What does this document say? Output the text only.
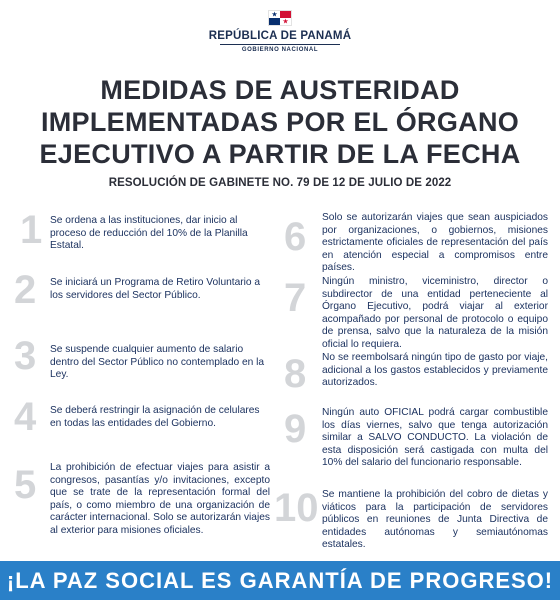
★
★
REPÚBLICA DE PANAMÁ
GOBIERNO NACIONAL
MEDIDAS DE AUSTERIDAD
IMPLEMENTADAS POR EL ÓRGANO
EJECUTIVO A PARTIR DE LA FECHA
RESOLUCIÓN DE GABINETE NO. 79 DE 12 DE JULIO DE 2022
1 Se ordena a las instituciones, dar inicio al proceso de reducción del 10% de la Planilla Estatal.
2	Se iniciará un Programa de Retiro Voluntario a los servidores del Sector Público.
3	Se suspende cualquier aumento de salario dentro del Sector Público no contemplado en la Ley.
4	Se deberá restringir la asignación de celulares en todas las entidades del Gobierno.
5	La prohibición de efectuar viajes para asistir a congresos, pasantías y/o invitaciones, excepto que se trate de la representación formal del país, o como miembro de una organización de carácter internacional. Solo se autorizarán viajes al exterior para misiones oficiales.
6	Solo se autorizarán viajes que sean auspiciados por organizaciones, o gobiernos, misiones estrictamente oficiales de representación del país en atención especial a compromisos entre países.
7	Ningún ministro, viceministro, director o subdirector de una entidad perteneciente al Órgano Ejecutivo, podrá viajar al exterior acompañado por personal de protocolo o equipo de prensa, salvo que la naturaleza de la misión oficial lo requiera.
8	No se reembolsará ningún tipo de gasto por viaje, adicional a los gastos establecidos y previamente autorizados.
9	Ningún auto OFICIAL podrá cargar combustible los días viernes, salvo que tenga autorización similar a SALVO CONDUCTO. La violación de esta disposición será castigada con multa del 10% del salario del funcionario responsable.
10 Se mantiene la prohibición del cobro de dietas y viáticos para la participación de servidores públicos en reuniones de Junta Directiva de entidades autónomas y semiautónomas estatales.
¡LA PAZ SOCIAL ES GARANTÍA DE PROGRESO!
